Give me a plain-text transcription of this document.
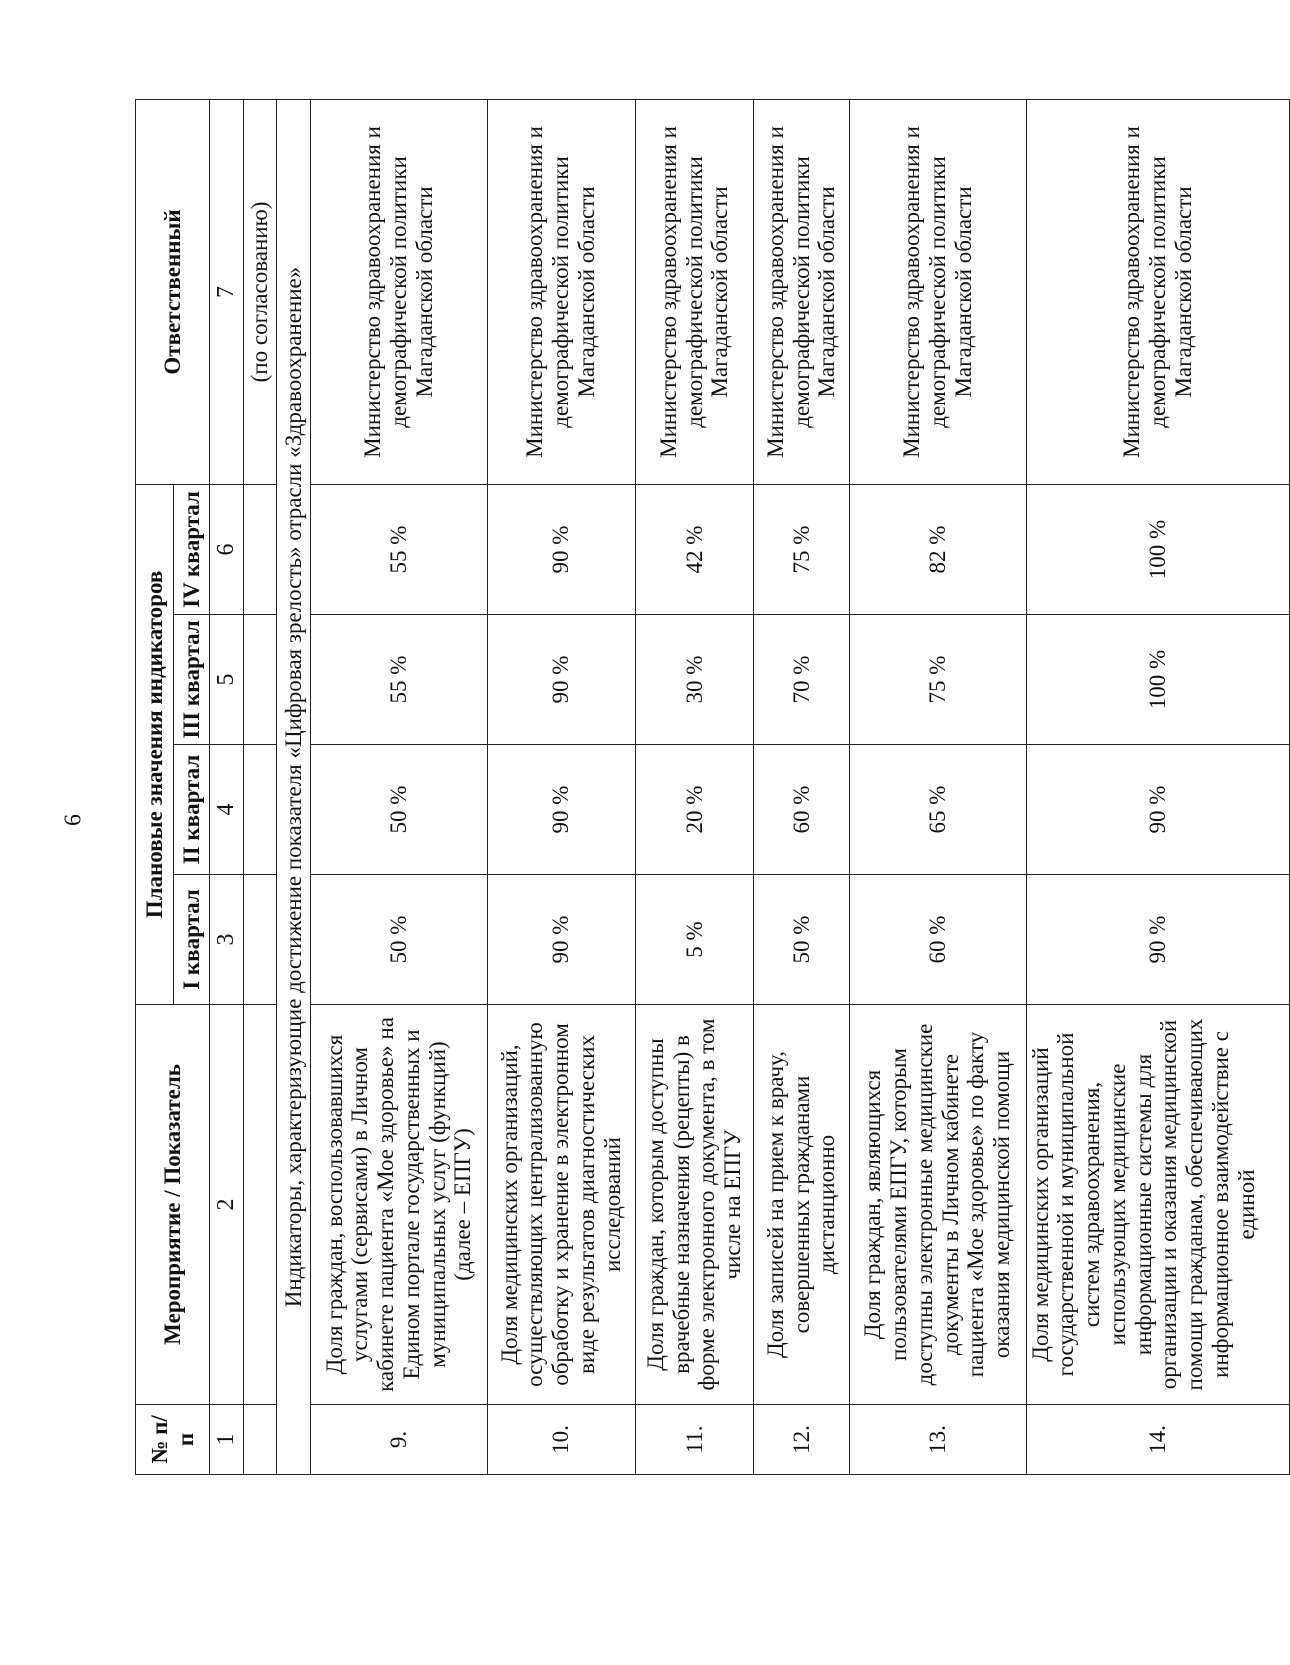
6
№ п/п	Мероприятие / Показатель	Плановые значения индикаторов				Ответственный
		I квартал	II квартал	III квартал	IV квартал	
1	2	3	4	5	6	7
						(по согласованию)
Индикаторы, характеризующие достижение показателя «Цифровая зрелость» отрасли «Здравоохранение»						
9.	Доля граждан, воспользовавшихся услугами (сервисами) в Личном кабинете пациента «Мое здоровье» на Едином портале государственных и муниципальных услуг (функций) (далее – ЕПГУ)	50 %	50 %	55 %	55 %	Министерство здравоохранения и демографической политики Магаданской области
10.	Доля медицинских организаций, осуществляющих централизованную обработку и хранение в электронном виде результатов диагностических исследований	90 %	90 %	90 %	90 %	Министерство здравоохранения и демографической политики Магаданской области
11.	Доля граждан, которым доступны врачебные назначения (рецепты) в форме электронного документа, в том числе на ЕПГУ	5 %	20 %	30 %	42 %	Министерство здравоохранения и демографической политики Магаданской области
12.	Доля записей на прием к врачу, совершенных гражданами дистанционно	50 %	60 %	70 %	75 %	Министерство здравоохранения и демографической политики Магаданской области
13.	Доля граждан, являющихся пользователями ЕПГУ, которым доступны электронные медицинские документы в Личном кабинете пациента «Мое здоровье» по факту оказания медицинской помощи	60 %	65 %	75 %	82 %	Министерство здравоохранения и демографической политики Магаданской области
14.	Доля медицинских организаций государственной и муниципальной систем здравоохранения, использующих медицинские информационные системы для организации и оказания медицинской помощи гражданам, обеспечивающих информационное взаимодействие с единой	90 %	90 %	100 %	100 %	Министерство здравоохранения и демографической политики Магаданской области
